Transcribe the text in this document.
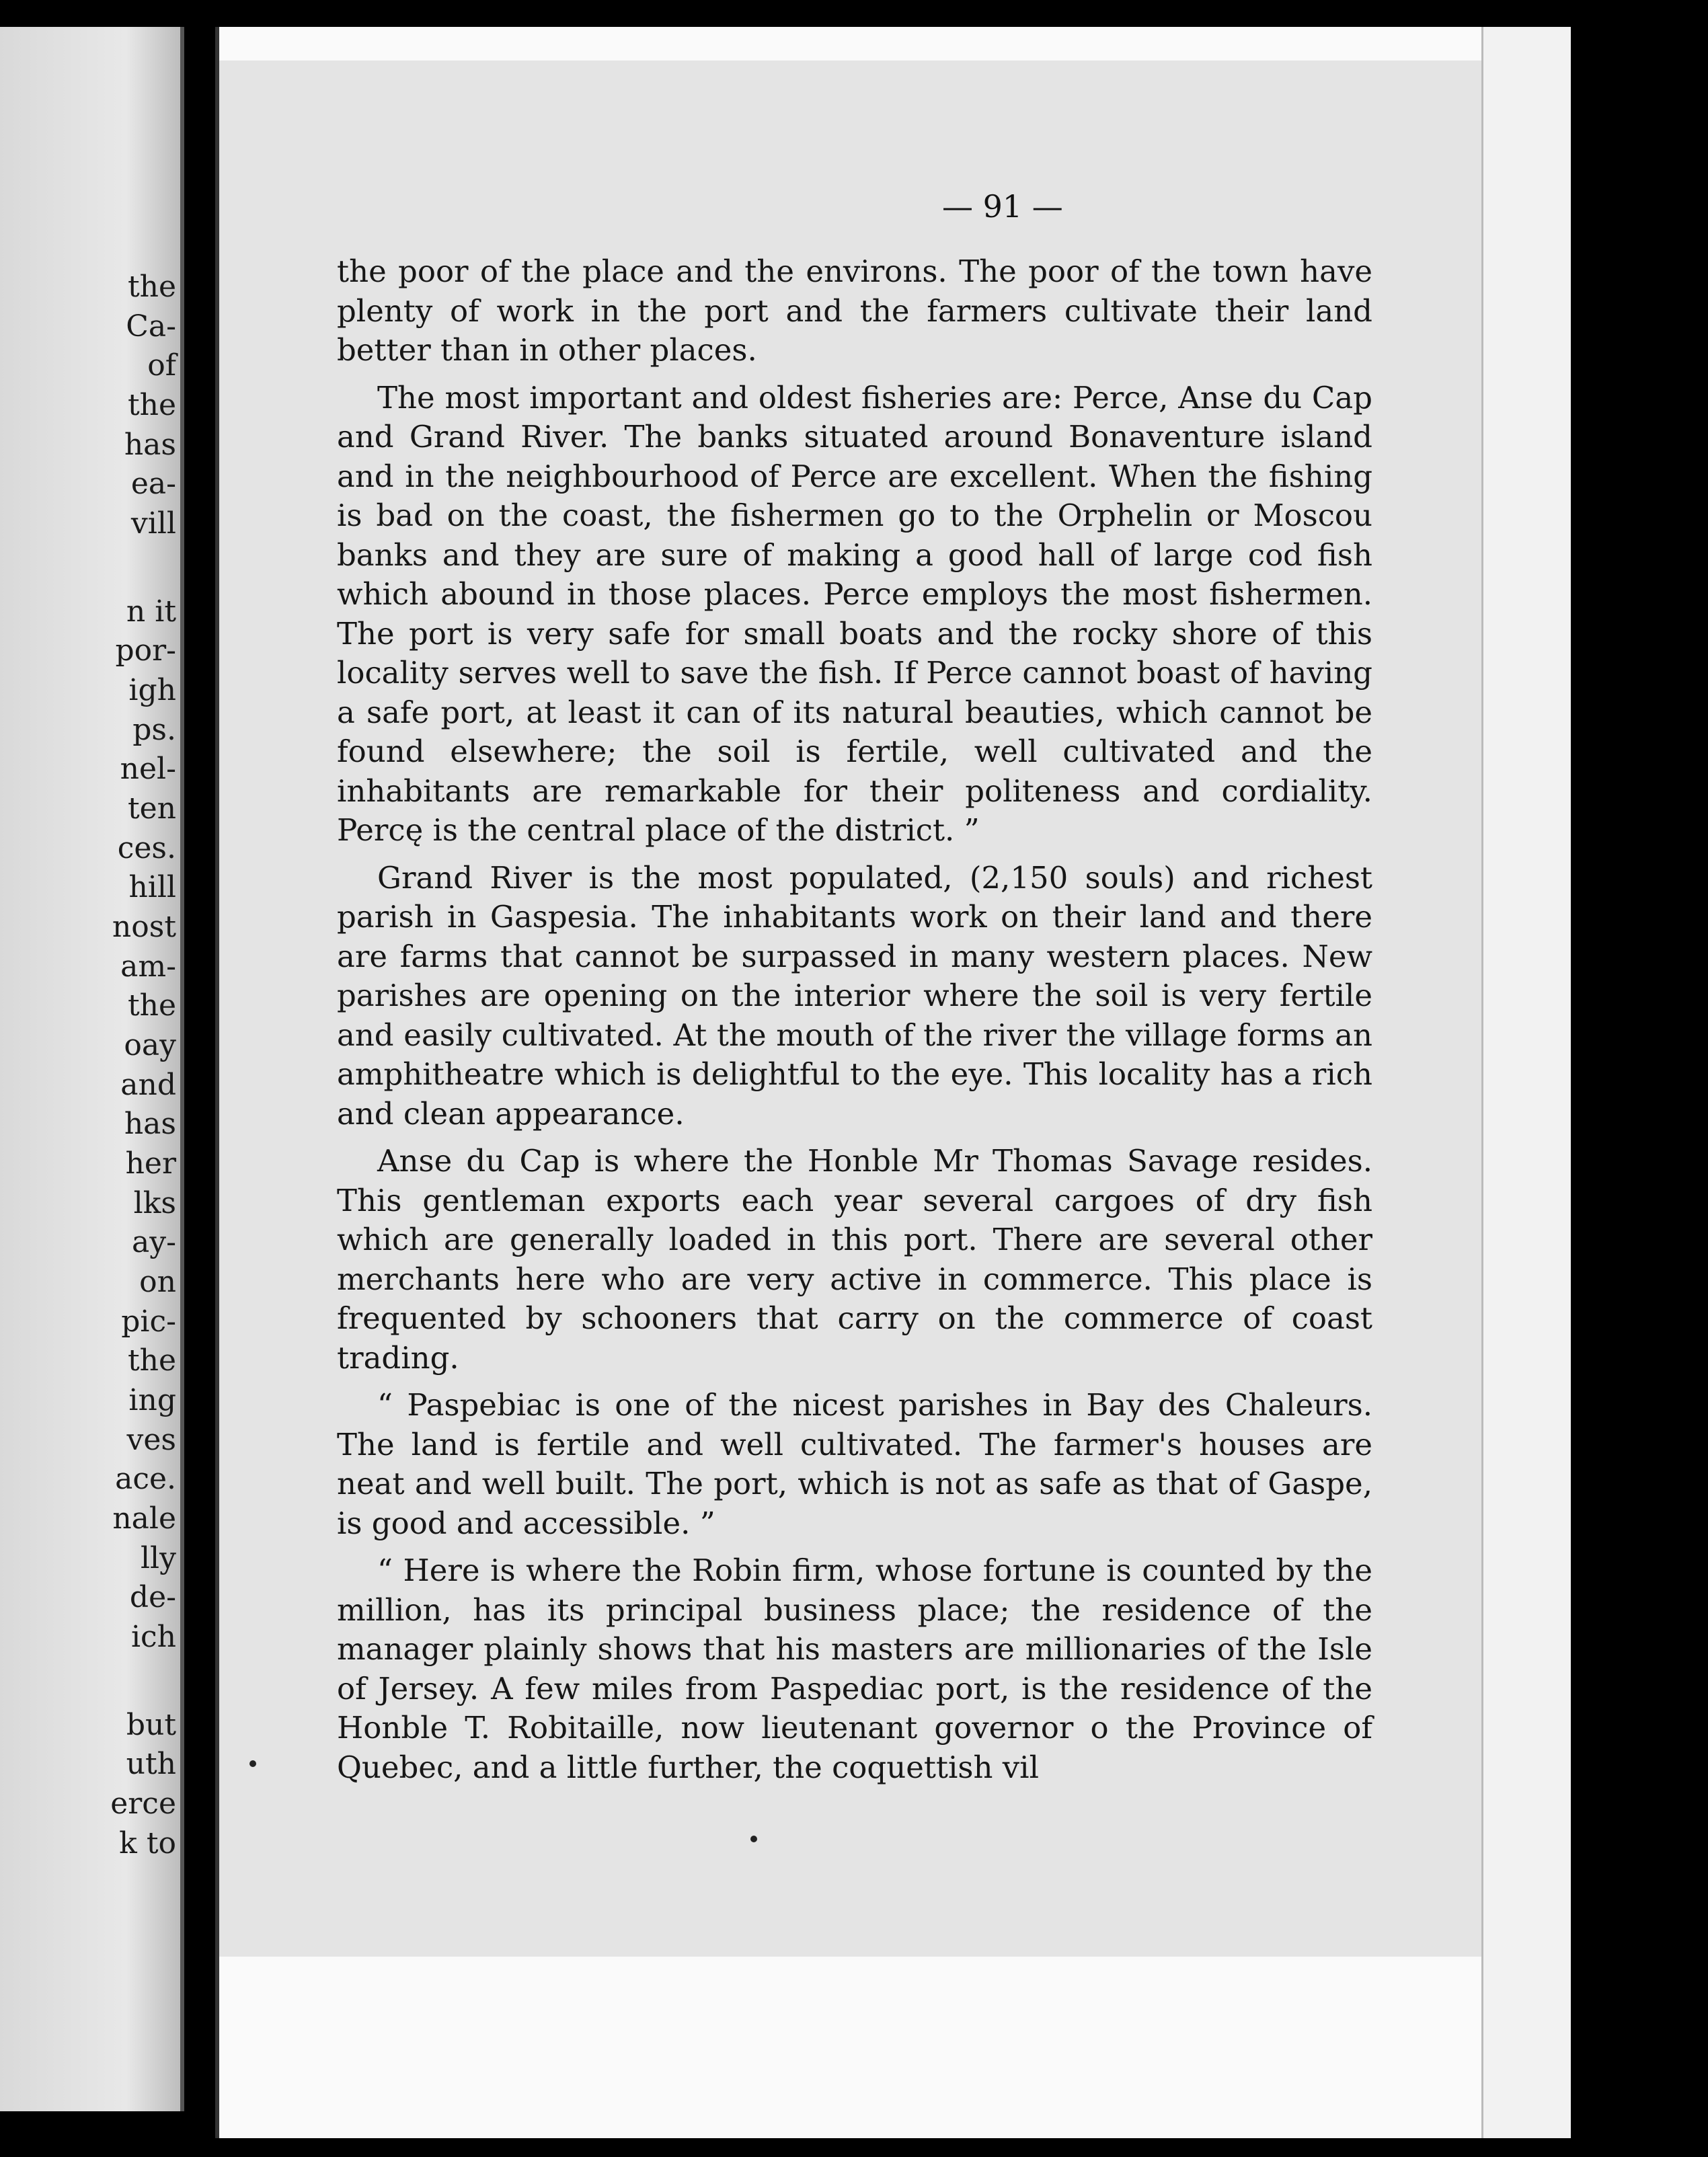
the
Ca-
of
the
has
ea-
vill
n it
por-
igh
ps.
nel-
ten
ces.
hill
nost
am-
the
oay
and
has
her
lks
ay-
on
pic-
the
ing
ves
ace.
nale
lly
de-
ich
but
uth
erce
k to
— 91 —

the poor of the place and the environs. The poor of the town have plenty of work in the port and the farmers cultivate their land better than in other places.

The most important and oldest fisheries are: Perce, Anse du Cap and Grand River. The banks situated around Bonaventure island and in the neighbourhood of Perce are excellent. When the fishing is bad on the coast, the fishermen go to the Orphelin or Moscou banks and they are sure of making a good hall of large cod fish which abound in those places. Perce employs the most fishermen. The port is very safe for small boats and the rocky shore of this locality serves well to save the fish. If Perce cannot boast of having a safe port, at least it can of its natural beauties, which cannot be found elsewhere; the soil is fertile, well cultivated and the inhabitants are remarkable for their politeness and cordiality. Percę is the central place of the district. ”

Grand River is the most populated, (2,150 souls) and richest parish in Gaspesia. The inhabitants work on their land and there are farms that cannot be surpassed in many western places. New parishes are opening on the interior where the soil is very fertile and easily cultivated. At the mouth of the river the village forms an amphitheatre which is delightful to the eye. This locality has a rich and clean appearance.

Anse du Cap is where the Honble Mr Thomas Savage resides. This gentleman exports each year several cargoes of dry fish which are generally loaded in this port. There are several other merchants here who are very active in commerce. This place is frequented by schooners that carry on the commerce of coast trading.

“ Paspebiac is one of the nicest parishes in Bay des Chaleurs. The land is fertile and well cultivated. The farmer's houses are neat and well built. The port, which is not as safe as that of Gaspe, is good and accessible. ”

“ Here is where the Robin firm, whose fortune is counted by the million, has its principal business place; the residence of the manager plainly shows that his masters are millionaries of the Isle of Jersey. A few miles from Paspediac port, is the residence of the Honble T. Robitaille, now lieutenant governor o the Province of Quebec, and a little further, the coquettish vil
